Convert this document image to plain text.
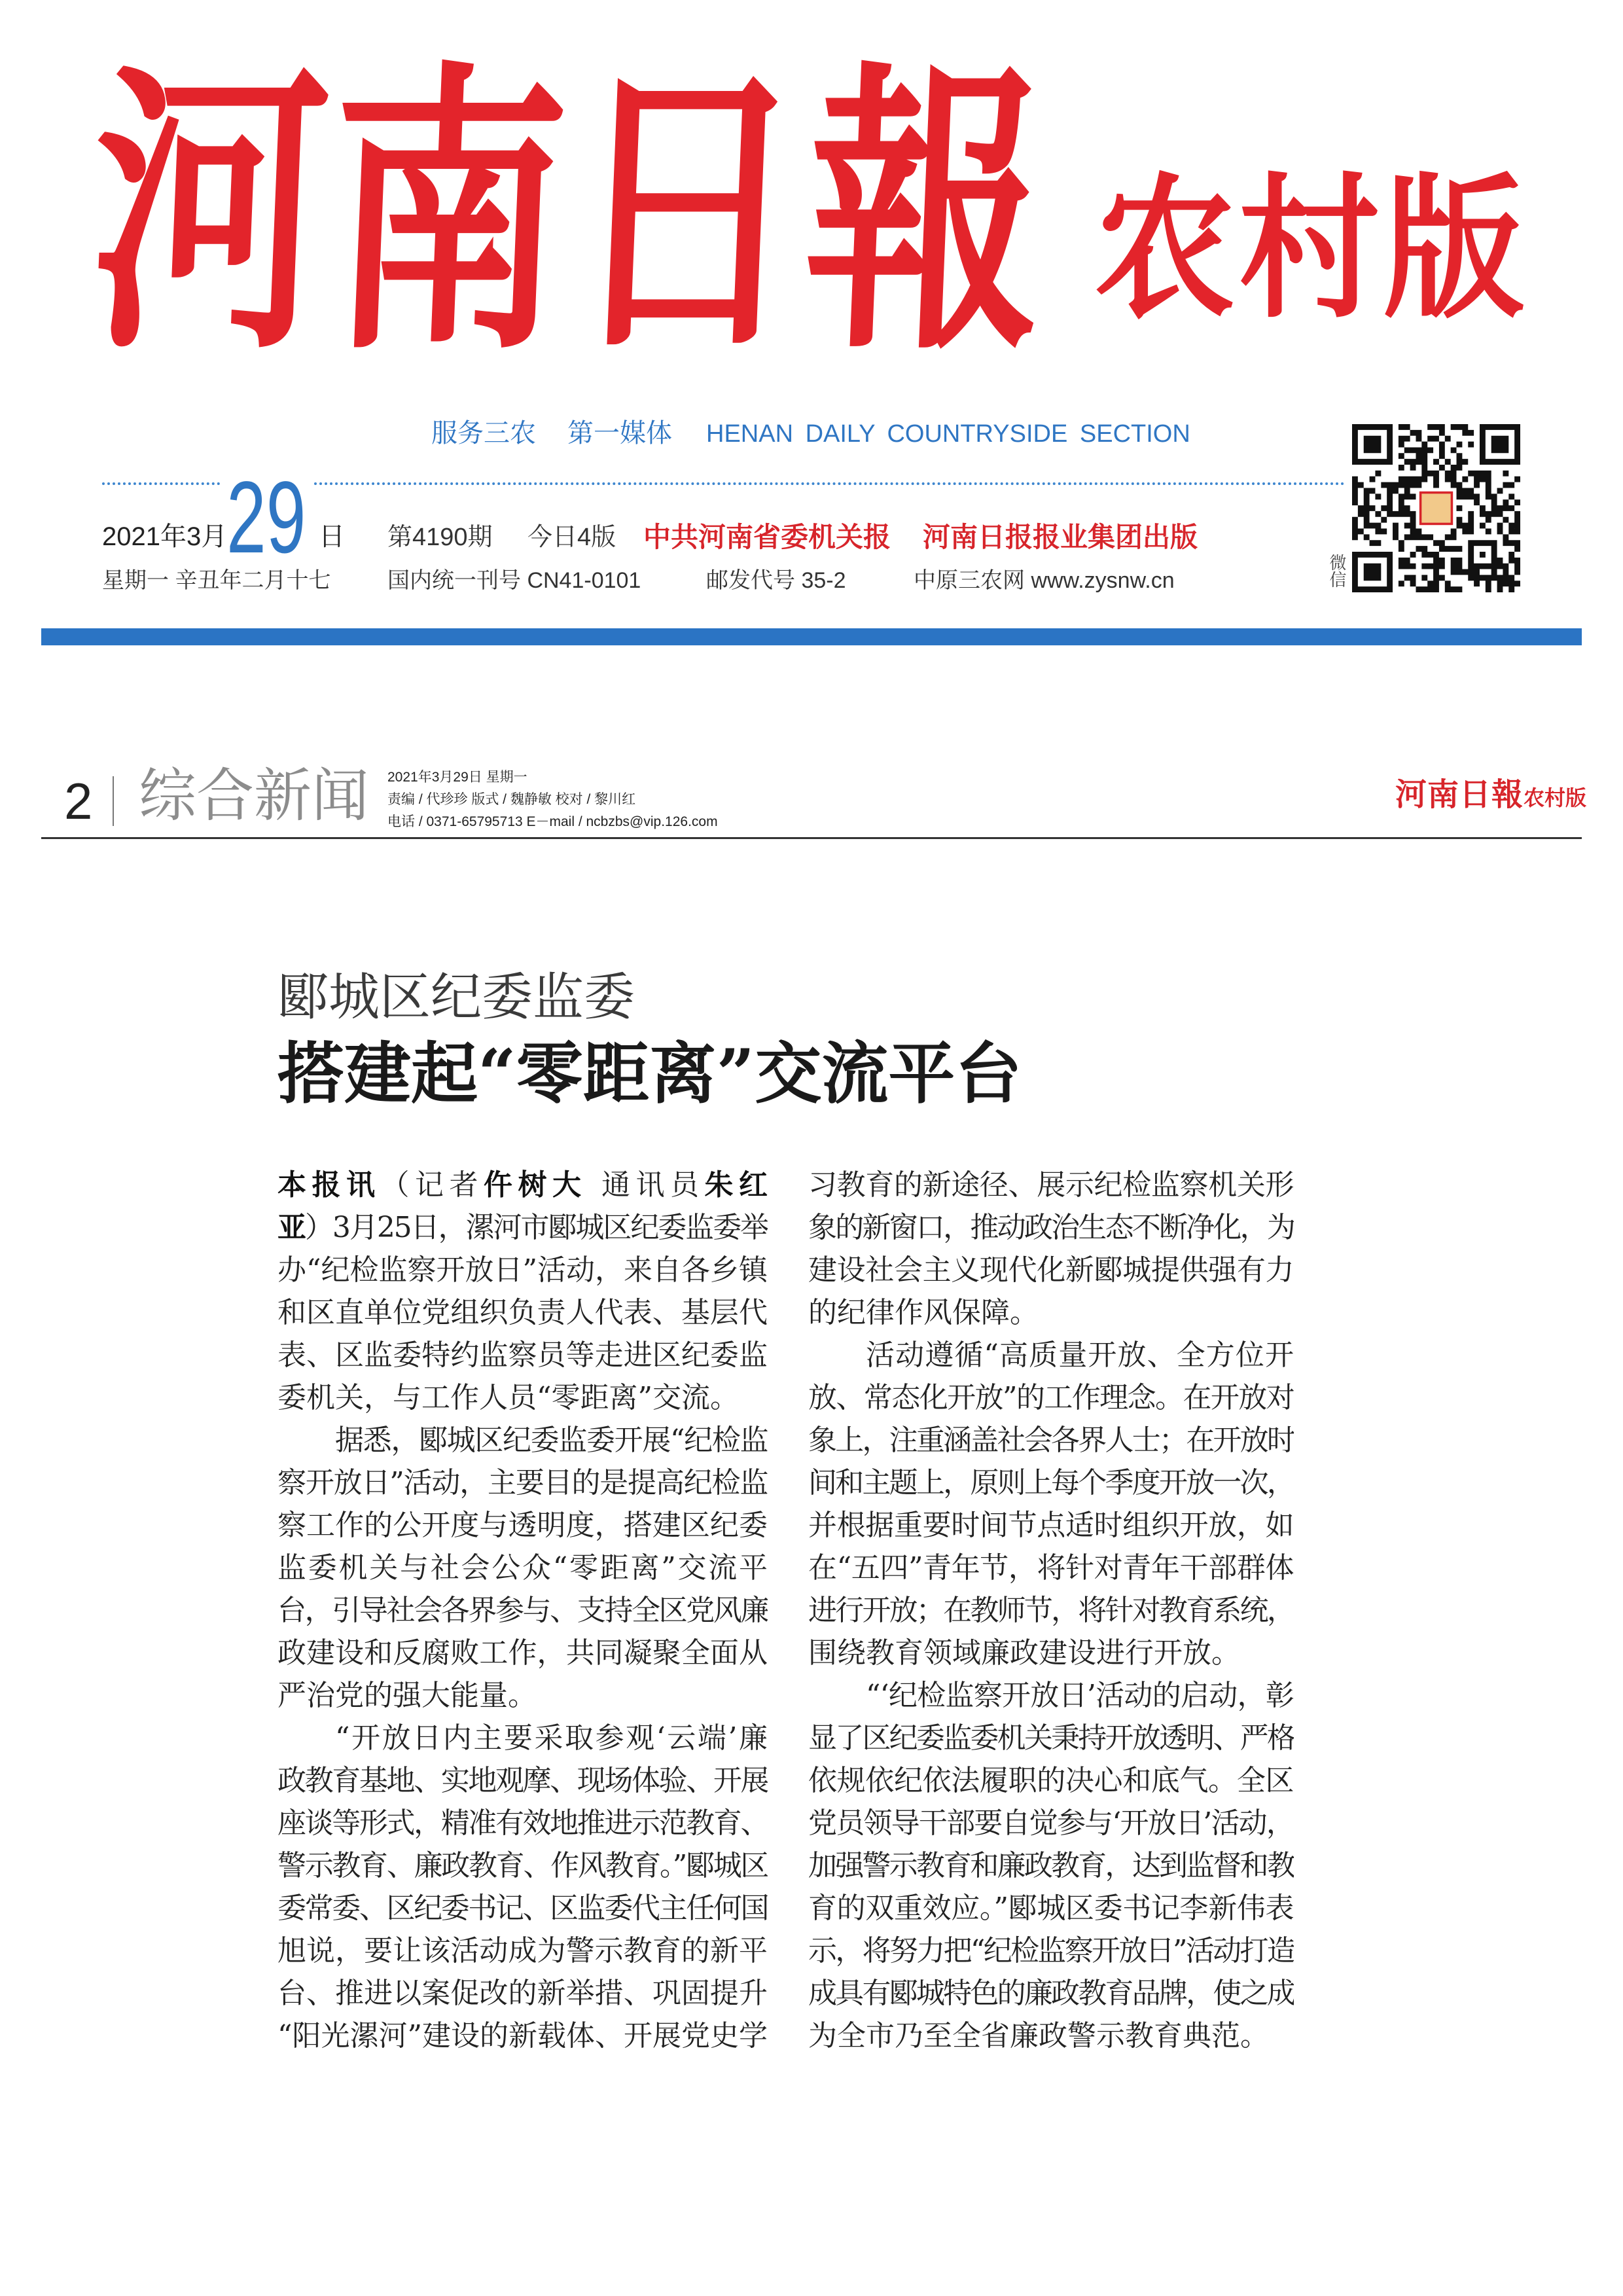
河南日報 农村版
服务三农 第一媒体 HENAN DAILY COUNTRYSIDE SECTION
2021年3月
29 日 第4190期 今日4版 中共河南省委机关报 河南日报报业集团出版
星期一 辛丑年二月十七	国内统一刊号 CN41-0101	邮发代号 35-2	中原三农网 www.zysnw.cn	微信
2 综合新闻 2021年3月29日 星期一
责编 / 代珍珍 版式 / 魏静敏 校对 / 黎川红
电话 / 0371-65795713 E－mail / ncbzbs@vip.126.com
河南日報农村版
郾城区纪委监委
搭建起“零距离”交流平台
本报讯（记者仵树大 通讯员朱红
亚）3月25日，漯河市郾城区纪委监委举
办“纪检监察开放日”活动，来自各乡镇
和区直单位党组织负责人代表、基层代
表、区监委特约监察员等走进区纪委监
委机关，与工作人员“零距离”交流。
据悉，郾城区纪委监委开展“纪检监
察开放日”活动，主要目的是提高纪检监
察工作的公开度与透明度，搭建区纪委
监委机关与社会公众“零距离”交流平
台，引导社会各界参与、支持全区党风廉
政建设和反腐败工作，共同凝聚全面从
严治党的强大能量。
“开放日内主要采取参观‘云端’廉
政教育基地、实地观摩、现场体验、开展
座谈等形式，精准有效地推进示范教育、
警示教育、廉政教育、作风教育。”郾城区
委常委、区纪委书记、区监委代主任何国
旭说，要让该活动成为警示教育的新平
台、推进以案促改的新举措、巩固提升
“阳光漯河”建设的新载体、开展党史学
习教育的新途径、展示纪检监察机关形
象的新窗口，推动政治生态不断净化，为
建设社会主义现代化新郾城提供强有力
的纪律作风保障。
活动遵循“高质量开放、全方位开
放、常态化开放”的工作理念。在开放对
象上，注重涵盖社会各界人士；在开放时
间和主题上，原则上每个季度开放一次，
并根据重要时间节点适时组织开放，如
在“五四”青年节，将针对青年干部群体
进行开放；在教师节，将针对教育系统，
围绕教育领域廉政建设进行开放。
“‘纪检监察开放日’活动的启动，彰
显了区纪委监委机关秉持开放透明、严格
依规依纪依法履职的决心和底气。全区
党员领导干部要自觉参与‘开放日’活动，
加强警示教育和廉政教育，达到监督和教
育的双重效应。”郾城区委书记李新伟表
示，将努力把“纪检监察开放日”活动打造
成具有郾城特色的廉政教育品牌，使之成
为全市乃至全省廉政警示教育典范。
